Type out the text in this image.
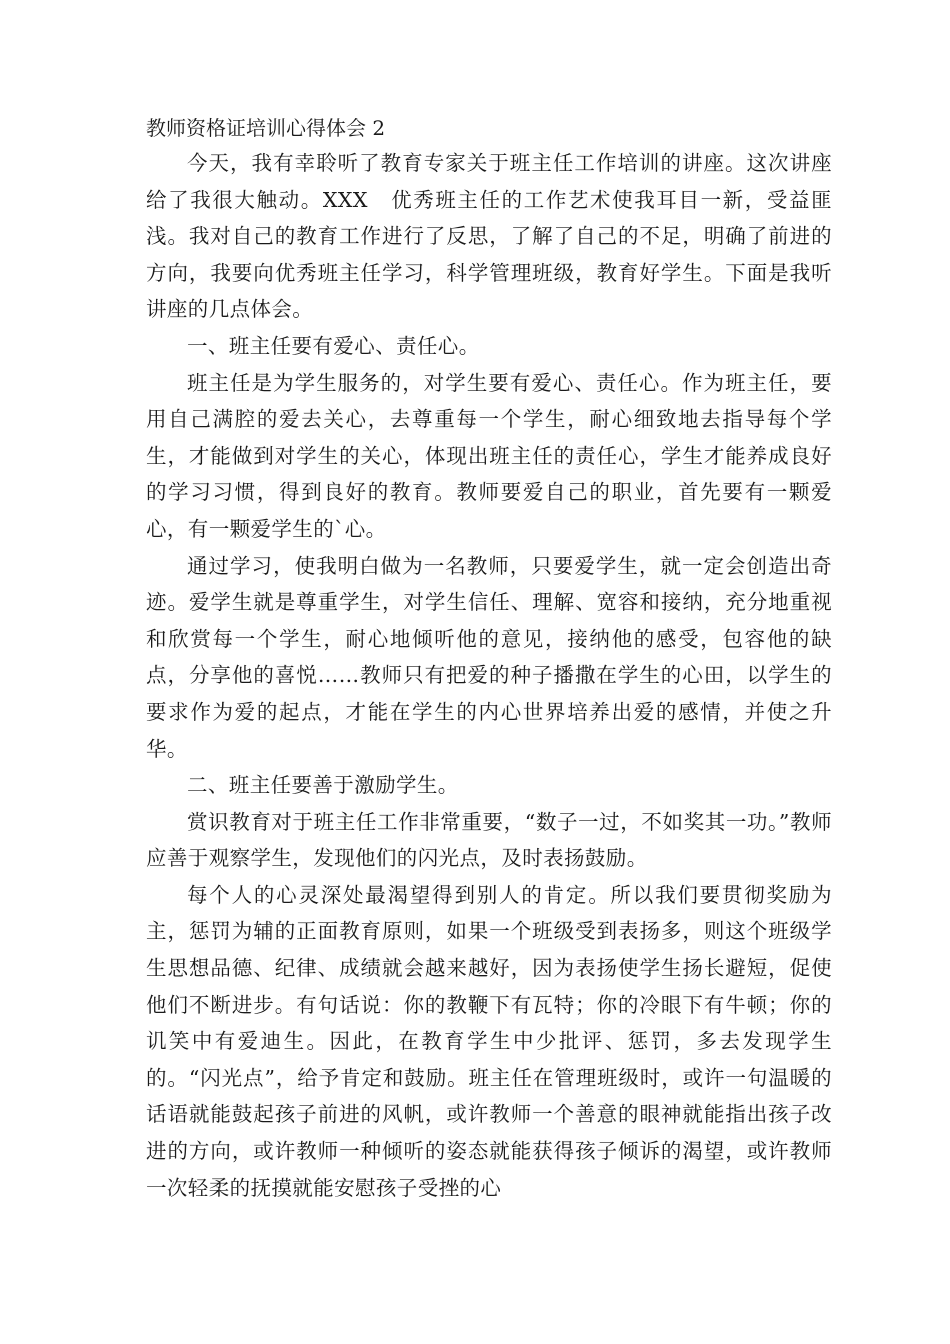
教师资格证培训心得体会 2

今天，我有幸聆听了教育专家关于班主任工作培训的讲座。这次讲座给了我很大触动。XXX　优秀班主任的工作艺术使我耳目一新，受益匪浅。我对自己的教育工作进行了反思，了解了自己的不足，明确了前进的方向，我要向优秀班主任学习，科学管理班级，教育好学生。下面是我听讲座的几点体会。

一、班主任要有爱心、责任心。

班主任是为学生服务的，对学生要有爱心、责任心。作为班主任，要用自己满腔的爱去关心，去尊重每一个学生，耐心细致地去指导每个学生，才能做到对学生的关心，体现出班主任的责任心，学生才能养成良好的学习习惯，得到良好的教育。教师要爱自己的职业，首先要有一颗爱心，有一颗爱学生的`心。

通过学习，使我明白做为一名教师，只要爱学生，就一定会创造出奇迹。爱学生就是尊重学生，对学生信任、理解、宽容和接纳，充分地重视和欣赏每一个学生，耐心地倾听他的意见，接纳他的感受，包容他的缺点，分享他的喜悦……教师只有把爱的种子播撒在学生的心田，以学生的要求作为爱的起点，才能在学生的内心世界培养出爱的感情，并使之升华。

二、班主任要善于激励学生。

赏识教育对于班主任工作非常重要，“数子一过，不如奖其一功。”教师应善于观察学生，发现他们的闪光点，及时表扬鼓励。

每个人的心灵深处最渴望得到别人的肯定。所以我们要贯彻奖励为主，惩罚为辅的正面教育原则，如果一个班级受到表扬多，则这个班级学生思想品德、纪律、成绩就会越来越好，因为表扬使学生扬长避短，促使他们不断进步。有句话说：你的教鞭下有瓦特；你的冷眼下有牛顿；你的讥笑中有爱迪生。因此，在教育学生中少批评、惩罚，多去发现学生的。“闪光点”，给予肯定和鼓励。班主任在管理班级时，或许一句温暖的话语就能鼓起孩子前进的风帆，或许教师一个善意的眼神就能指出孩子改进的方向，或许教师一种倾听的姿态就能获得孩子倾诉的渴望，或许教师一次轻柔的抚摸就能安慰孩子受挫的心
